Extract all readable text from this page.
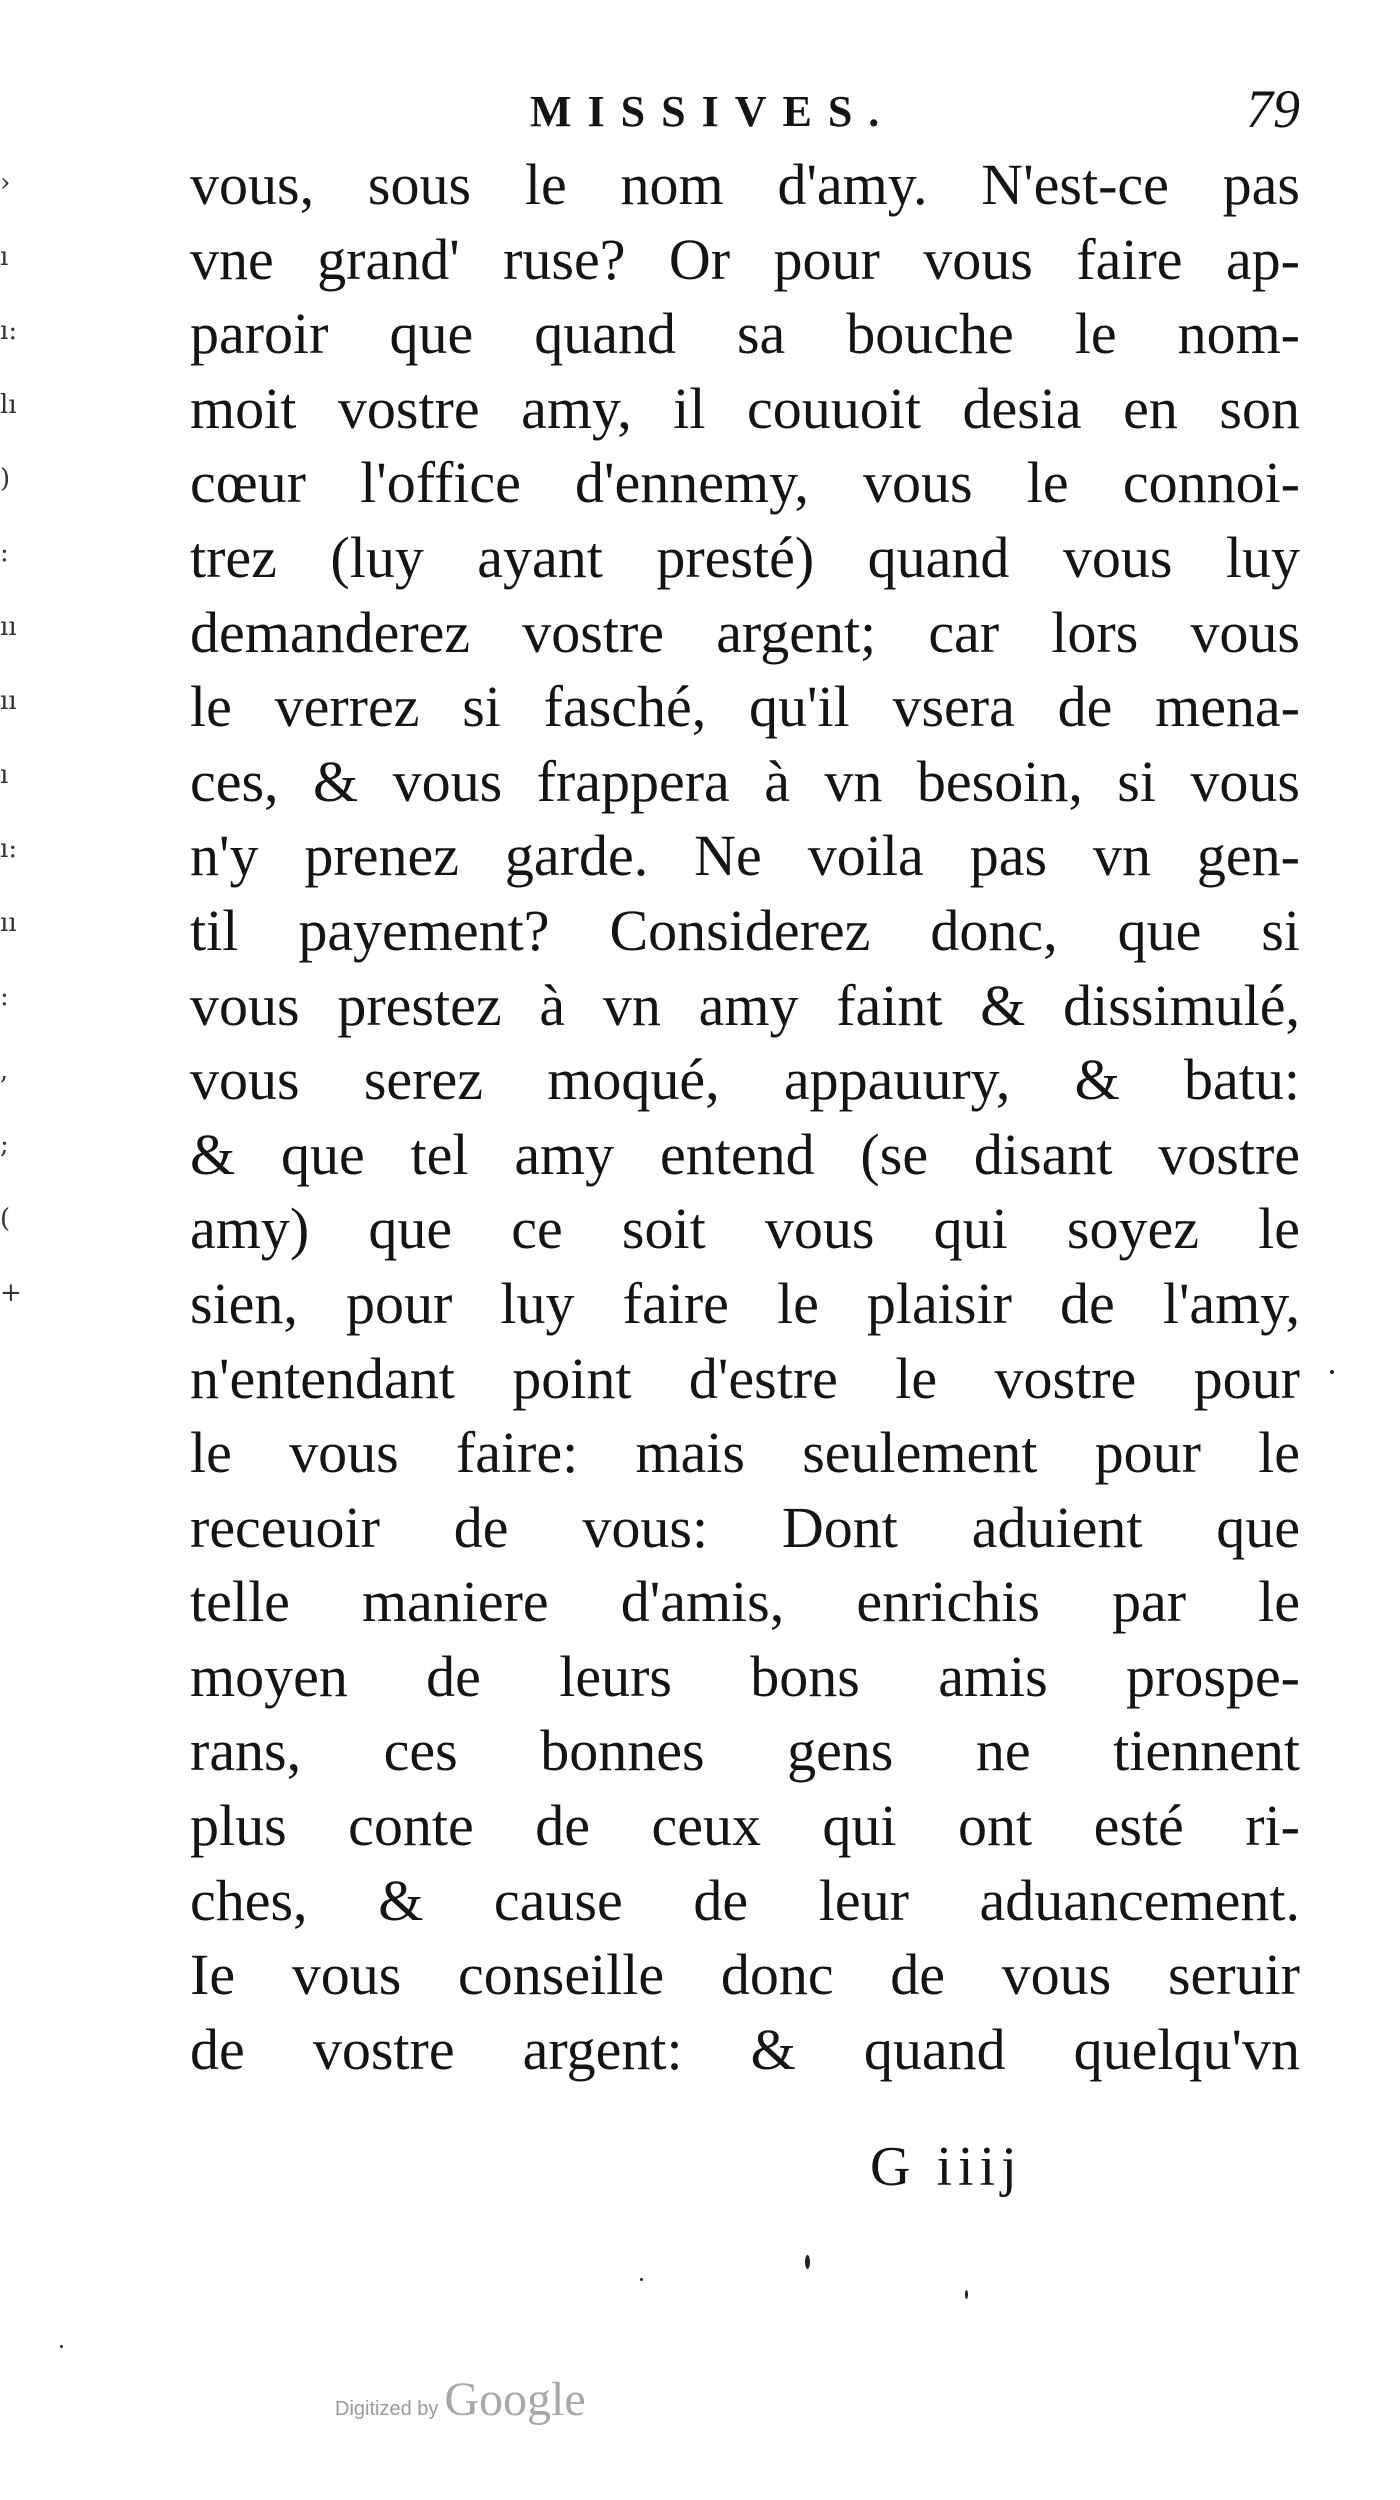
›
ı
ı:
lı
)
:
ıı
ıı
ı
ı:
ıı
:
,
;
(
+
MISSIVES.	79
vous, sous le nom d'amy. N'est-ce pas
vne grand' ruse? Or pour vous faire ap-
paroir que quand sa bouche le nom-
moit vostre amy, il couuoit desia en son
cœur l'office d'ennemy, vous le connoi-
trez (luy ayant presté) quand vous luy
demanderez vostre argent; car lors vous
le verrez si fasché, qu'il vsera de mena-
ces, & vous frappera à vn besoin, si vous
n'y prenez garde. Ne voila pas vn gen-
til payement? Considerez donc, que si
vous prestez à vn amy faint & dissimulé,
vous serez moqué, appauury, & batu:
& que tel amy entend (se disant vostre
amy) que ce soit vous qui soyez le
sien, pour luy faire le plaisir de l'amy,
n'entendant point d'estre le vostre pour
le vous faire: mais seulement pour le
receuoir de vous: Dont aduient que
telle maniere d'amis, enrichis par le
moyen de leurs bons amis prospe-
rans, ces bonnes gens ne tiennent
plus conte de ceux qui ont esté ri-
ches, & cause de leur aduancement.
Ie vous conseille donc de vous seruir
de vostre argent: & quand quelqu'vn
G iiij
Digitized by Google
